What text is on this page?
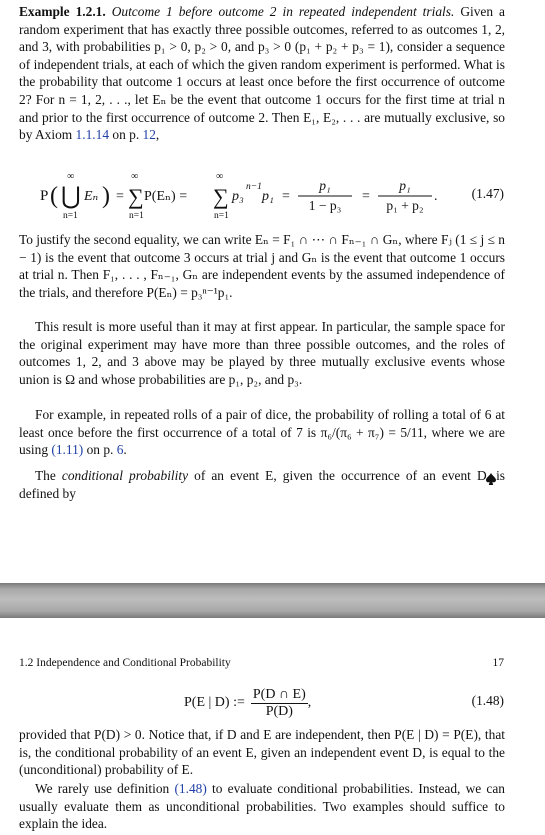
Example 1.2.1. Outcome 1 before outcome 2 in repeated independent trials. Given a random experiment that has exactly three possible outcomes, referred to as outcomes 1, 2, and 3, with probabilities p₁ > 0, p₂ > 0, and p₃ > 0 (p₁ + p₂ + p₃ = 1), consider a sequence of independent trials, at each of which the given random experiment is performed. What is the probability that outcome 1 occurs at least once before the first occurrence of outcome 2? For n = 1, 2, . . ., let Eₙ be the event that outcome 1 occurs for the first time at trial n and prior to the first occurrence of outcome 2. Then E₁, E₂, . . . are mutually exclusive, so by Axiom 1.1.14 on p. 12,
P (
∞
⋃
n=1
Eₙ ) =
∞
∑
n=1
P(Eₙ) =
∞
∑
n=1
p₃
n−1
p₁ =
p₁
1 − p₃
=
p₁
p₁ + p₂
.	(1.47)
To justify the second equality, we can write Eₙ = F₁ ∩ ⋯ ∩ Fₙ₋₁ ∩ Gₙ, where Fⱼ (1 ≤ j ≤ n − 1) is the event that outcome 3 occurs at trial j and Gₙ is the event that outcome 1 occurs at trial n. Then F₁, . . . , Fₙ₋₁, Gₙ are independent events by the assumed independence of the trials, and therefore P(Eₙ) = p₃ⁿ⁻¹p₁.
This result is more useful than it may at first appear. In particular, the sample space for the original experiment may have more than three possible outcomes, and the roles of outcomes 1, 2, and 3 above may be played by three mutually exclusive events whose union is Ω and whose probabilities are p₁, p₂, and p₃.
For example, in repeated rolls of a pair of dice, the probability of rolling a total of 6 at least once before the first occurrence of a total of 7 is π₆/(π₆ + π₇) = 5/11, where we are using (1.11) on p. 6.
The conditional probability of an event E, given the occurrence of an event D, is defined by
1.2 Independence and Conditional Probability	17
P(E | D) := $\frac{P(D \cap E)}{P(D)}$ ,	(1.48)
provided that P(D) > 0. Notice that, if D and E are independent, then P(E | D) = P(E), that is, the conditional probability of an event E, given an independent event D, is equal to the (unconditional) probability of E.
We rarely use definition (1.48) to evaluate conditional probabilities. Instead, we can usually evaluate them as unconditional probabilities. Two examples should suffice to explain the idea.
